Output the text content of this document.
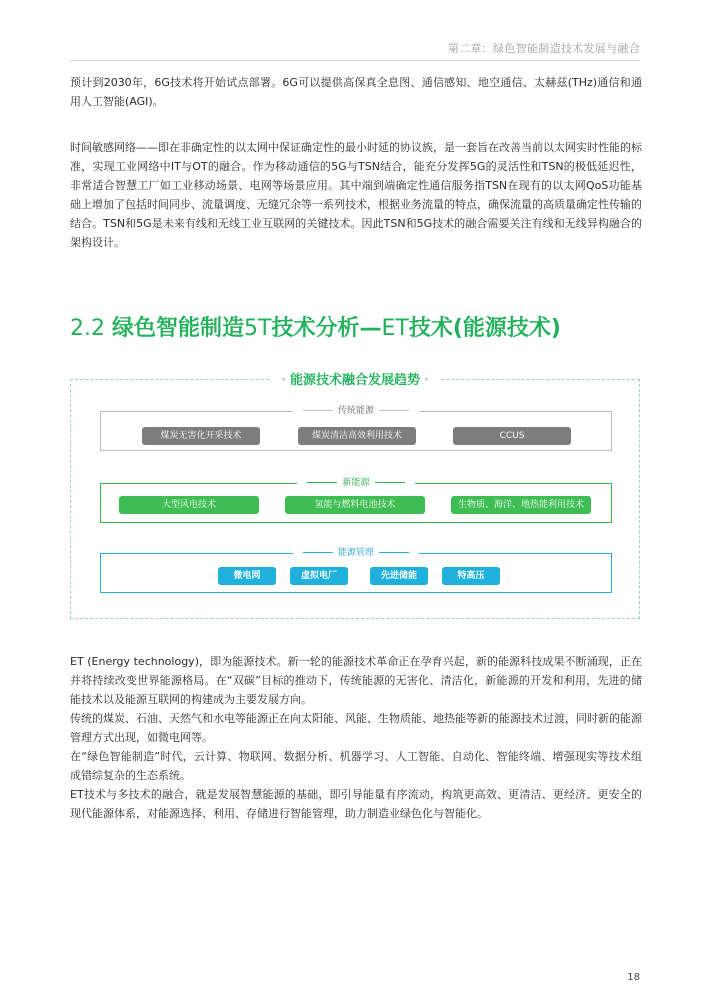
第二章：绿色智能制造技术发展与融合

预计到2030年，6G技术将开始试点部署。6G可以提供高保真全息图、通信感知、地空通信、太赫兹(THz)通信和通用人工智能(AGI)。

时间敏感网络——即在非确定性的以太网中保证确定性的最小时延的协议族，是一套旨在改善当前以太网实时性能的标准，实现工业网络中IT与OT的融合。作为移动通信的5G与TSN结合，能充分发挥5G的灵活性和TSN的极低延迟性，非常适合智慧工厂如工业移动场景、电网等场景应用。其中端到端确定性通信服务指TSN在现有的以太网QoS功能基础上增加了包括时间同步、流量调度、无缝冗余等一系列技术，根据业务流量的特点，确保流量的高质量确定性传输的结合。TSN和5G是未来有线和无线工业互联网的关键技术。因此TSN和5G技术的融合需要关注有线和无线异构融合的架构设计。

2.2 绿色智能制造5T技术分析—ET技术(能源技术)
· 能源技术融合发展趋势 ·
传统能源
煤炭无害化开采技术	煤炭清洁高效利用技术	CCUS
新能源
大型风电技术	氢能与燃料电池技术	生物质、海洋、地热能利用技术
能源管理
微电网	虚拟电厂	先进储能	特高压

ET (Energy technology)，即为能源技术。新一轮的能源技术革命正在孕育兴起，新的能源科技成果不断涌现，正在并将持续改变世界能源格局。在“双碳”目标的推动下，传统能源的无害化、清洁化，新能源的开发和利用，先进的储能技术以及能源互联网的构建成为主要发展方向。

传统的煤炭、石油、天然气和水电等能源正在向太阳能、风能、生物质能、地热能等新的能源技术过渡，同时新的能源管理方式出现，如微电网等。

在“绿色智能制造”时代，云计算、物联网、数据分析、机器学习、人工智能、自动化、智能终端、增强现实等技术组成错综复杂的生态系统。

ET技术与多技术的融合，就是发展智慧能源的基础，即引导能量有序流动，构筑更高效、更清洁、更经济、更安全的现代能源体系，对能源选择、利用、存储进行智能管理，助力制造业绿色化与智能化。

18
